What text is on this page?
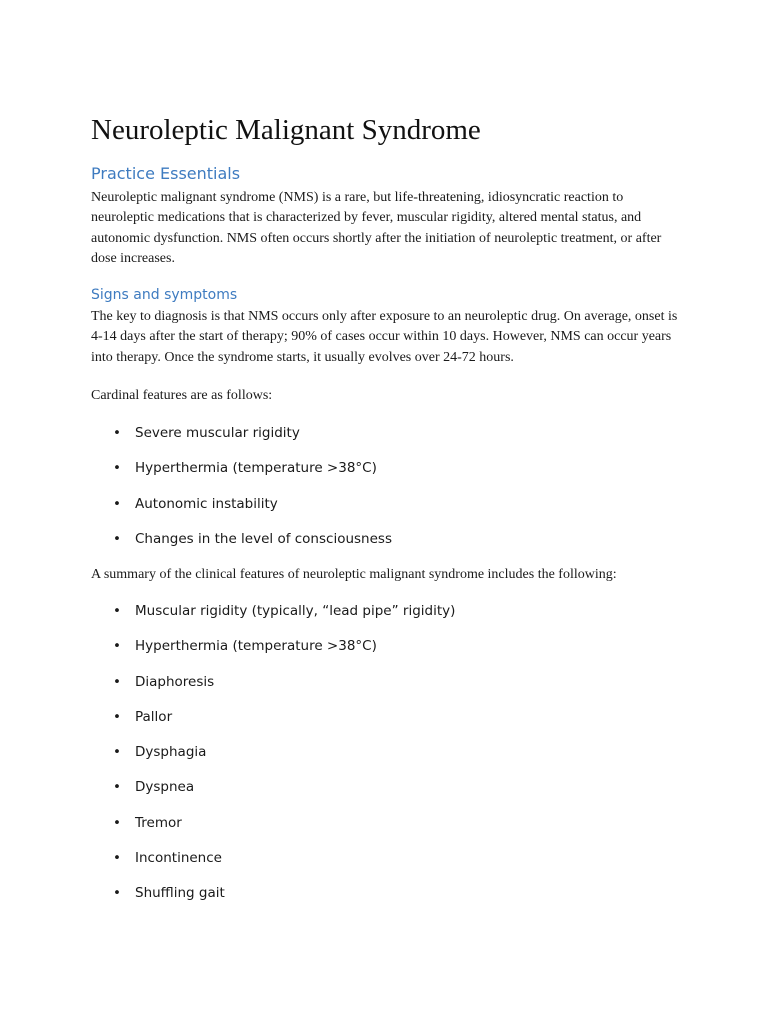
Neuroleptic Malignant Syndrome
Practice Essentials

Neuroleptic malignant syndrome (NMS) is a rare, but life-threatening, idiosyncratic reaction to neuroleptic medications that is characterized by fever, muscular rigidity, altered mental status, and autonomic dysfunction. NMS often occurs shortly after the initiation of neuroleptic treatment, or after dose increases.

Signs and symptoms

The key to diagnosis is that NMS occurs only after exposure to an neuroleptic drug. On average, onset is 4-14 days after the start of therapy; 90% of cases occur within 10 days. However, NMS can occur years into therapy. Once the syndrome starts, it usually evolves over 24-72 hours.

Cardinal features are as follows:

• Severe muscular rigidity
• Hyperthermia (temperature >38°C)
• Autonomic instability
• Changes in the level of consciousness

A summary of the clinical features of neuroleptic malignant syndrome includes the following:

• Muscular rigidity (typically, “lead pipe” rigidity)
• Hyperthermia (temperature >38°C)
• Diaphoresis
• Pallor
• Dysphagia
• Dyspnea
• Tremor
• Incontinence
• Shuffling gait
